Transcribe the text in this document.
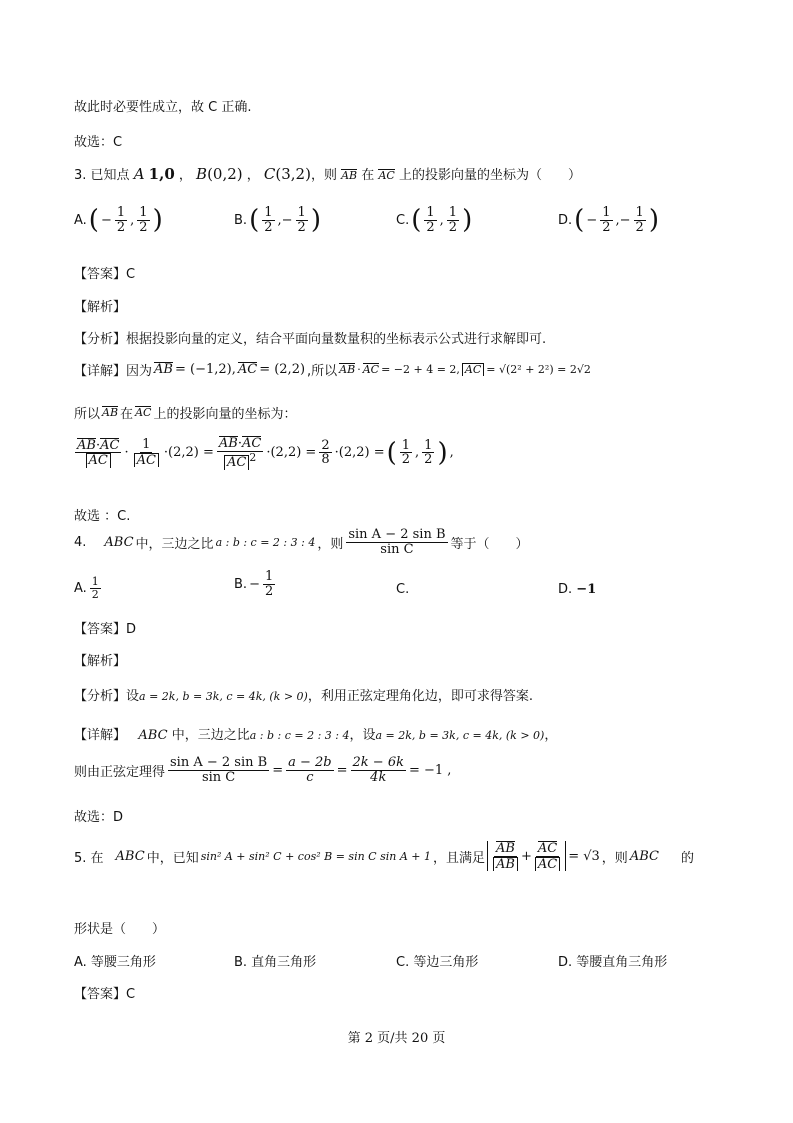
故此时必要性成立，故 C 正确.
故选：C
3. 已知点 A 1,0 ， B(0,2) ， C(3,2)，则 AB 在 AC 上的投影向量的坐标为（　　）
A. ( − $\frac{1}{2}$ , $\frac{1}{2}$ )	B. ( $\frac{1}{2}$ ,− $\frac{1}{2}$ )	C. ( $\frac{1}{2}$ , $\frac{1}{2}$ )	D. ( − $\frac{1}{2}$ ,− $\frac{1}{2}$ )
【答案】C
【解析】
【分析】根据投影向量的定义，结合平面向量数量积的坐标表示公式进行求解即可.
【详解】因为 AB = (−1,2), AC = (2,2) ,所以 AB · AC = −2 + 4 = 2, AC = √(2² + 2²) = 2√2
所以 AB 在 AC 上的投影向量的坐标为：
$\frac{AB\cdot AC}{AC} \cdot \frac{1}{AC} \cdot(2,2) = \frac{AB\cdot AC}{AC ^2} \cdot(2,2) = \frac{2}{8} \cdot(2,2)$ = ( $\frac{1}{2}$ , $\frac{1}{2}$ ) ,
故选 ：C.
4. ABC 中，三边之比 a : b : c = 2 : 3 : 4 ，则 $\frac{\text{sin A − 2 sin B}}{\text{sin C}}$ 等于（　　）
A. $\frac{1}{2}$	B. − $\frac{1}{2}$	C.	D. −1
【答案】D
【解析】
【分析】设a = 2k, b = 3k, c = 4k, (k > 0)，利用正弦定理角化边，即可求得答案.
【详解】 ABC 中，三边之比a : b : c = 2 : 3 : 4，设a = 2k, b = 3k, c = 4k, (k > 0)，
则由正弦定理得 $\frac{\text{sin A − 2 sin B}}{\text{sin C}} = \frac{a - 2b}{c} = \frac{2k - 6k}{4k} = -1$ ,
故选：D
5. 在 ABC 中，已知 sin² A + sin² C + cos² B = sin C sin A + 1 ，且满足 $\frac{AB}{AB} + \frac{AC}{AC} = √3$ ，则 ABC 的
形状是（　　）
A. 等腰三角形	B. 直角三角形	C. 等边三角形	D. 等腰直角三角形
【答案】C
第 2 页/共 20 页
